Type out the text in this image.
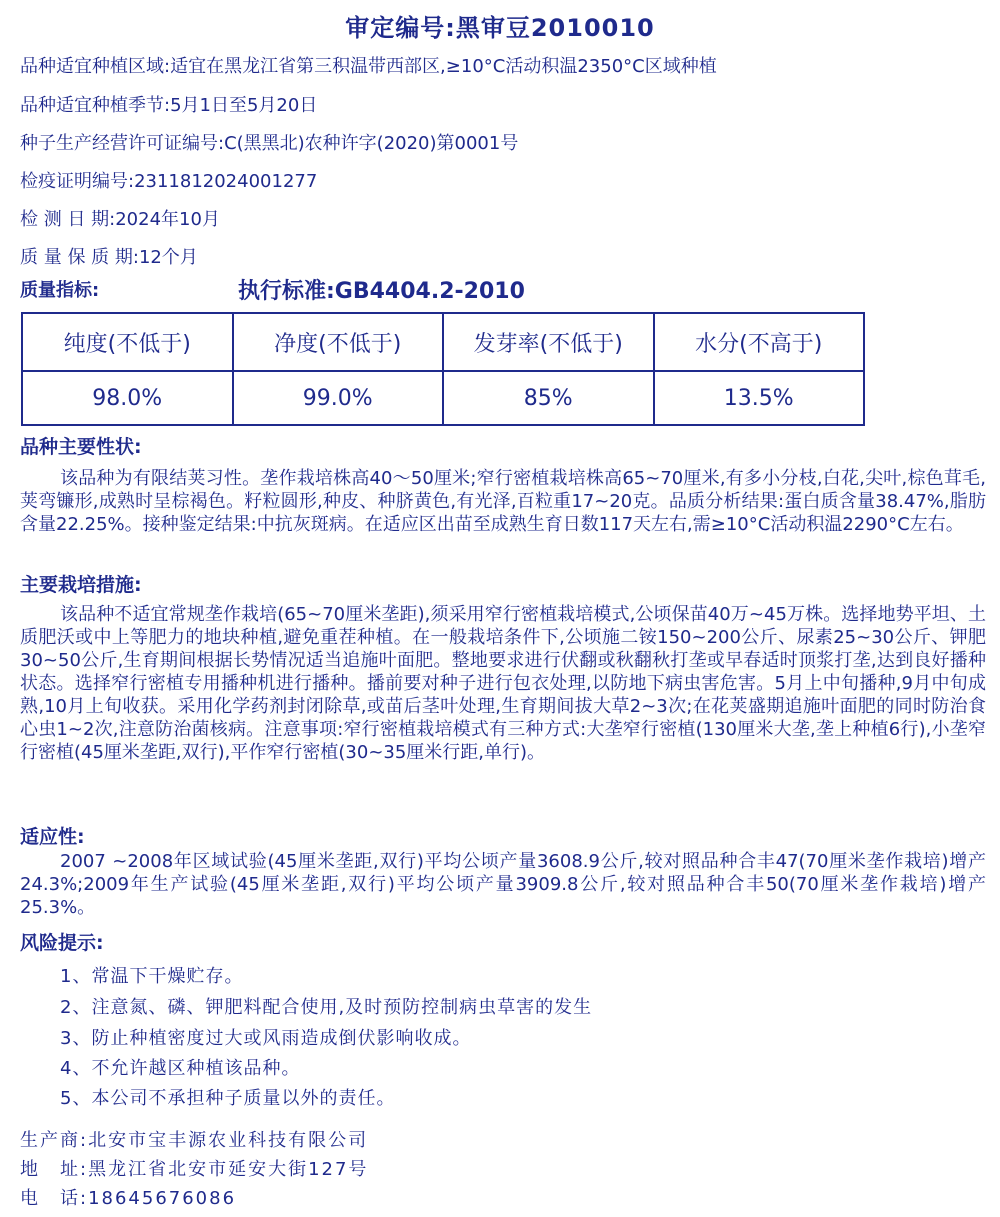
审定编号:黑审豆2010010
品种适宜种植区域:适宜在黑龙江省第三积温带西部区,≥10°C活动积温2350°C区域种植
品种适宜种植季节:5月1日至5月20日
种子生产经营许可证编号:C(黑黑北)农种许字(2020)第0001号
检疫证明编号:2311812024001277
检 测 日 期:2024年10月
质 量 保 质 期:12个月
质量指标:	执行标准:GB4404.2-2010
纯度(不低于)	净度(不低于)	发芽率(不低于)	水分(不高于)
98.0%	99.0%	85%	13.5%
品种主要性状:
该品种为有限结荚习性。垄作栽培株高40～50厘米;窄行密植栽培株高65~70厘米,有多小分枝,白花,尖叶,棕色茸毛,荚弯镰形,成熟时呈棕褐色。籽粒圆形,种皮、种脐黄色,有光泽,百粒重17~20克。品质分析结果:蛋白质含量38.47%,脂肪含量22.25%。接种鉴定结果:中抗灰斑病。在适应区出苗至成熟生育日数117天左右,需≥10°C活动积温2290°C左右。
主要栽培措施:
该品种不适宜常规垄作栽培(65~70厘米垄距),须采用窄行密植栽培模式,公顷保苗40万~45万株。选择地势平坦、土质肥沃或中上等肥力的地块种植,避免重茬种植。在一般栽培条件下,公顷施二铵150~200公斤、尿素25~30公斤、钾肥30~50公斤,生育期间根据长势情况适当追施叶面肥。整地要求进行伏翻或秋翻秋打垄或早春适时顶浆打垄,达到良好播种状态。选择窄行密植专用播种机进行播种。播前要对种子进行包衣处理,以防地下病虫害危害。5月上中旬播种,9月中旬成熟,10月上旬收获。采用化学药剂封闭除草,或苗后茎叶处理,生育期间拔大草2~3次;在花荚盛期追施叶面肥的同时防治食心虫1~2次,注意防治菌核病。注意事项:窄行密植栽培模式有三种方式:大垄窄行密植(130厘米大垄,垄上种植6行),小垄窄行密植(45厘米垄距,双行),平作窄行密植(30~35厘米行距,单行)。
适应性:
2007 ~2008年区域试验(45厘米垄距,双行)平均公顷产量3608.9公斤,较对照品种合丰47(70厘米垄作栽培)增产24.3%;2009年生产试验(45厘米垄距,双行)平均公顷产量3909.8公斤,较对照品种合丰50(70厘米垄作栽培)增产25.3%。
风险提示:
1、常温下干燥贮存。
2、注意氮、磷、钾肥料配合使用,及时预防控制病虫草害的发生
3、防止种植密度过大或风雨造成倒伏影响收成。
4、不允许越区种植该品种。
5、本公司不承担种子质量以外的责任。
生产商:北安市宝丰源农业科技有限公司
地　址:黑龙江省北安市延安大街127号
电　话:18645676086
